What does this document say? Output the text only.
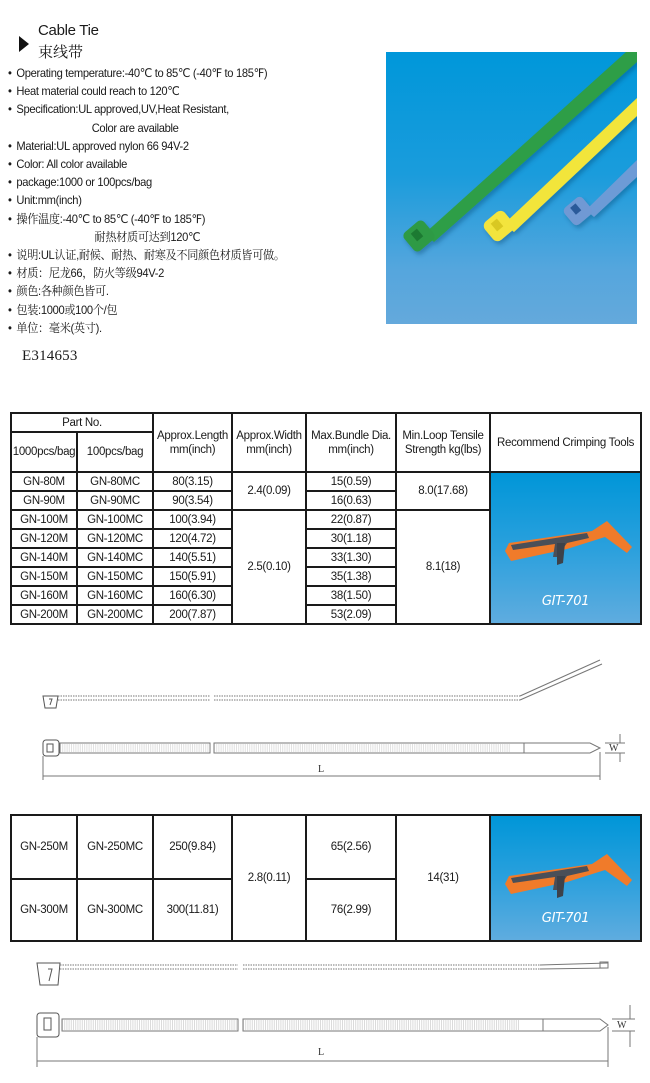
Cable Tie
束线带
• Operating temperature:-40℃ to 85℃ (-40℉ to 185℉)
• Heat material could reach to 120℃
• Specification:UL approved,UV,Heat Resistant,
Color are available
• Material:UL approved nylon 66 94V-2
• Color: All color available
• package:1000 or 100pcs/bag
• Unit:mm(inch)
• 操作温度:-40℃ to 85℃ (-40℉ to 185℉)
耐热材质可达到120℃
• 说明:UL认证,耐候、耐热、耐寒及不同颜色材质皆可做。
• 材质：尼龙66，防火等级94V-2
• 颜色:各种颜色皆可.
• 包装:1000或100个/包
• 单位：毫米(英寸).
E314653
Part No.		Approx.Length mm(inch)	Approx.Width mm(inch)	Max.Bundle Dia. mm(inch)	Min.Loop Tensile Strength kg(lbs)	Recommend Crimping Tools
1000pcs/bag	100pcs/bag					
GN-80M	GN-80MC	80(3.15)	2.4(0.09)	15(0.59)	8.0(17.68)	GIT-701

GN-90M	GN-90MC	90(3.54)		16(0.63)		
GN-100M	GN-100MC	100(3.94)	2.5(0.10)	22(0.87)	8.1(18)	
GN-120M	GN-120MC	120(4.72)		30(1.18)		
GN-140M	GN-140MC	140(5.51)		33(1.30)		
GN-150M	GN-150MC	150(5.91)		35(1.38)		
GN-160M	GN-160MC	160(6.30)		38(1.50)		
GN-200M	GN-200MC	200(7.87)		53(2.09)		
L
W
GN-250M	GN-250MC	250(9.84)	2.8(0.11)	65(2.56)	14(31)	GIT-701

GN-300M	GN-300MC	300(11.81)		76(2.99)		
L
W
